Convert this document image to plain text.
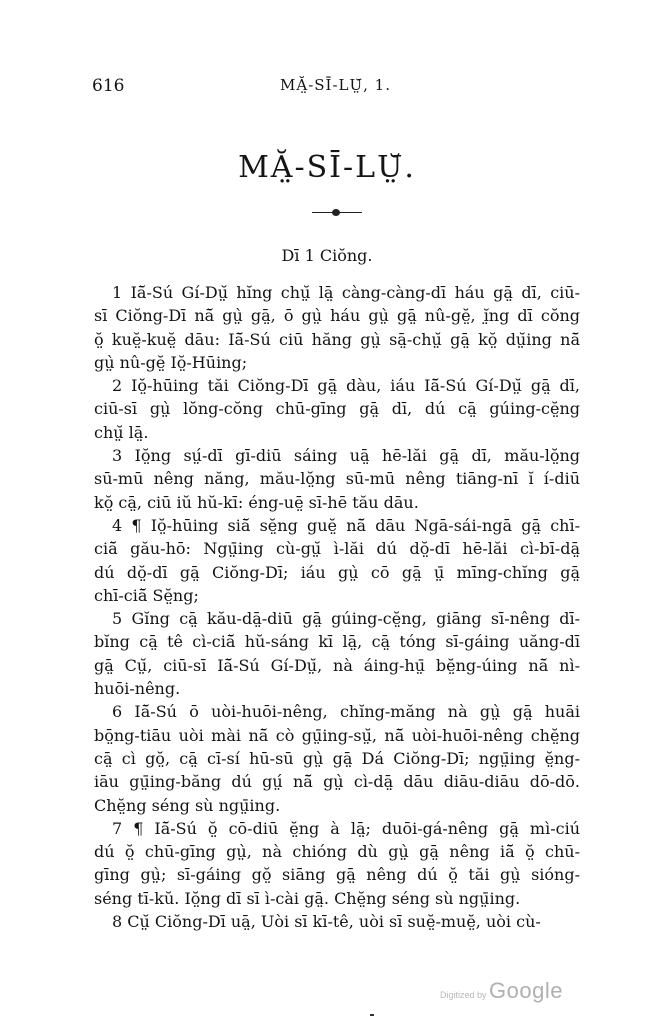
616	MĂ̤-SĪ-LṲ̆, 1.
MĂ̤-SĪ-LṲ̆.
Dī 1 Ciŏng.
1 Iā̆-Sú Gí-Dṳ̆ hĭng chṳ̆ lā̤ càng-càng-dī háu gā̤ dī, ciū-
sī Ciŏng-Dī nā̆ gṳ̀ gā̤, ō gṳ̀ háu gṳ̀ gā̤ nû-gĕ̤, ĭ̤ng dī cŏng
ŏ̤ kuĕ̤-kuĕ̤ dāu: Iā̆-Sú ciū hăng gṳ̀ sā̤-chṳ̆ gā̤ kŏ̤ dṳ̆ing nā̆
gṳ̀ nû-gĕ̤ Iŏ̤-Hūing;
2 Iŏ̤-hūing tăi Ciŏng-Dī gā̤ dàu, iáu Iā̆-Sú Gí-Dṳ̆ gā̤ dī,
ciū-sī gṳ̀ lŏng-cŏng chū-gīng gā̤ dī, dú cā̤ gúing-cĕ̤ng
chṳ̆ lā̤.
3 Iŏ̤ng sṳ́-dī gī-diū sáing uā̤ hē-lăi gā̤ dī, mău-lŏ̤ng
sū-mū nêng năng, mău-lŏ̤ng sū-mū nêng tiāng-nī ĭ í-diū
kŏ̤ cā̤, ciū iŭ hŭ-kī: éng-uē̤ sī-hē tău dāu.
4 ¶ Iŏ̤-hūing siā̆ sĕ̤ng guĕ̤ nā̆ dāu Ngā-sái-ngā gā̤ chī-
ciā̆ gău-hō: Ngṳ̄ing cù-gṳ̆ ì-lăi dú dŏ̤-dī hē-lăi cì-bī-dā̤
dú dŏ̤-dī gā̤ Ciŏng-Dī; iáu gṳ̀ cō gā̤ ṳ̄ mīng-chĭng gā̤
chī-ciā̆ Sĕ̤ng;
5 Gĭng cā̤ kău-dā̤-diū gā̤ gúing-cĕ̤ng, giāng sī-nêng dī-
bĭng cā̤ tê cì-ciā̆ hŭ-sáng kī lā̤, cā̤ tóng sī-gáing uăng-dī
gā̤ Cṳ̆, ciū-sī Iā̆-Sú Gí-Dṳ̆, nà áing-hṳ̄ bĕ̤ng-úing nā̆ nì-
huōi-nêng.
6 Iā̆-Sú ō uòi-huōi-nêng, chĭng-măng nà gṳ̀ gā̤ huāi
bō̤ng-tiāu uòi mài nā̆ cò gṳ̄ing-sṳ̆, nā̆ uòi-huōi-nêng chĕ̤ng
cā̤ cì gŏ̤, cā̤ cī-sí hū-sū gṳ̀ gā̤ Dá Ciŏng-Dī; ngṳ̄ing ĕ̤ng-
iāu gṳ̄ing-băng dú gṳ́ nā̆ gṳ̀ cì-dā̤ dāu diāu-diāu dō-dō.
Chĕ̤ng séng sù ngṳ̄ing.
7 ¶ Iā̆-Sú ŏ̤ cō-diū ĕ̤ng à lā̤; duōi-gá-nêng gā̤ mì-ciú
dú ŏ̤ chū-gīng gṳ̀, nà chióng dù gṳ̀ gā̤ nêng iā̆ ŏ̤ chū-
gīng gṳ̀; sī-gáing gŏ̤ siāng gā̤ nêng dú ŏ̤ tăi gṳ̀ sióng-
séng tī-kŭ. Iŏ̤ng dī sī ì-cài gā̤. Chĕ̤ng séng sù ngṳ̄ing.
8 Cṳ̆ Ciŏng-Dī uā̤, Uòi sī kī-tê, uòi sī suĕ̤-muĕ̤, uòi cù-
Digitized by Google
